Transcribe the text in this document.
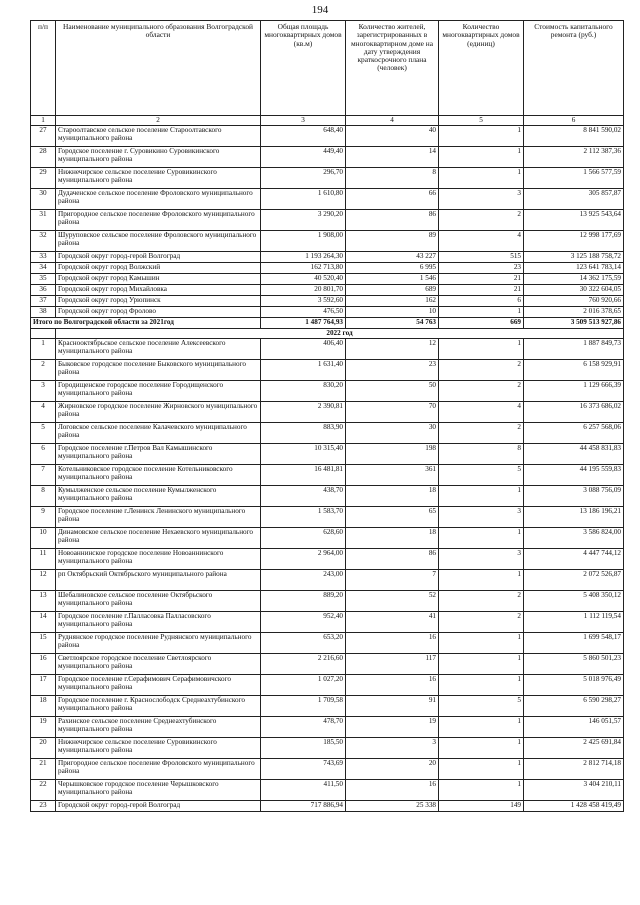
194
п/п	Наименование муниципального образования Волгоградской области	Общая площадь многоквартирных домов (кв.м)	Количество жителей, зарегистрированных в многоквартирном доме на дату утверждения краткосрочного плана (человек)	Количество многоквартирных домов (единиц)	Стоимость капитального ремонта (руб.)
1	2	3	4	5	6
27	Староолтавское сельское поселение Староолтавского муниципального района	648,40	40	1	8 841 590,02
28	Городское поселение г. Суровикино Суровикинского муниципального района	449,40	14	1	2 112 387,36
29	Нижнечирское сельское поселение Суровикинского муниципального района	296,70	8	1	1 566 577,59
30	Дудаченское сельское поселение Фроловского муниципального района	1 610,80	66	3	305 857,87
31	Пригородное сельское поселение Фроловского муниципального района	3 290,20	86	2	13 925 543,64
32	Шуруповское сельское поселение Фроловского муниципального района	1 908,00	89	4	12 998 177,69
33	Городской округ город-герой Волгоград	1 193 264,30	43 227	515	3 125 188 758,72
34	Городской округ город Волжский	162 713,80	6 995	23	123 641 783,14
35	Городской округ город Камышин	40 520,40	1 546	21	14 362 175,59
36	Городской округ город Михайловка	20 801,70	689	21	30 322 604,05
37	Городской округ город Урюпинск	3 592,60	162	6	760 920,66
38	Городской округ город Фролово	476,50	10	1	2 016 378,65
Итого по Волгоградской области за 2021год		1 487 764,93	54 763	669	3 509 513 927,86
	2022 год				
1	Краснооктябрьское сельское поселение Алексеевского муниципального района	406,40	12	1	1 887 849,73
2	Быковское городское поселение Быковского муниципального района	1 631,40	23	2	6 158 929,91
3	Городищенское городское поселение Городищенского муниципального района	830,20	50	2	1 129 666,39
4	Жирновское городское поселение Жирновского муниципального района	2 390,81	70	4	16 373 686,02
5	Логовское сельское поселение Калачевского муниципального района	883,90	30	2	6 257 568,06
6	Городское поселение г.Петров Вал Камышинского муниципального района	10 315,40	198	8	44 458 831,83
7	Котельниковское городское поселение Котельниковского муниципального района	16 481,81	361	5	44 195 559,83
8	Кумылженское сельское поселение Кумылженского муниципального района	438,70	18	1	3 088 756,09
9	Городское поселение г.Ленинск Ленинского муниципального района	1 583,70	65	3	13 186 196,21
10	Динамовское сельское поселение Нехаевского муниципального района	628,60	18	1	3 586 824,00
11	Новоаннинское городское поселение Новоаннинского муниципального района	2 964,00	86	3	4 447 744,12
12	рп Октябрьский Октябрьского муниципального района	243,00	7	1	2 072 526,87
13	Шебалиновское сельское поселение Октябрьского муниципального района	889,20	52	2	5 408 350,12
14	Городское поселение г.Палласовка Палласовского муниципального района	952,40	41	2	1 112 119,54
15	Руднянское городское поселение Руднянского муниципального района	653,20	16	1	1 699 548,17
16	Светлоярское городское поселение Светлоярского муниципального района	2 216,60	117	1	5 860 501,23
17	Городское поселение г.Серафимович Серафимовичского муниципального района	1 027,20	16	1	5 018 976,49
18	Городское поселение г. Краснослободск Среднеахтубинского муниципального района	1 709,58	91	5	6 590 298,27
19	Рахинское сельское поселение Среднеахтубинского муниципального района	478,70	19	1	146 051,57
20	Нижнечирское сельское поселение Суровикинского муниципального района	185,50	3	1	2 425 691,84
21	Пригородное сельское поселение Фроловского муниципального района	743,69	20	1	2 812 714,18
22	Черышковское городское поселение Черышковского муниципального района	411,50	16	1	3 404 210,11
23	Городской округ город-герой Волгоград	717 886,94	25 338	149	1 428 458 419,49
